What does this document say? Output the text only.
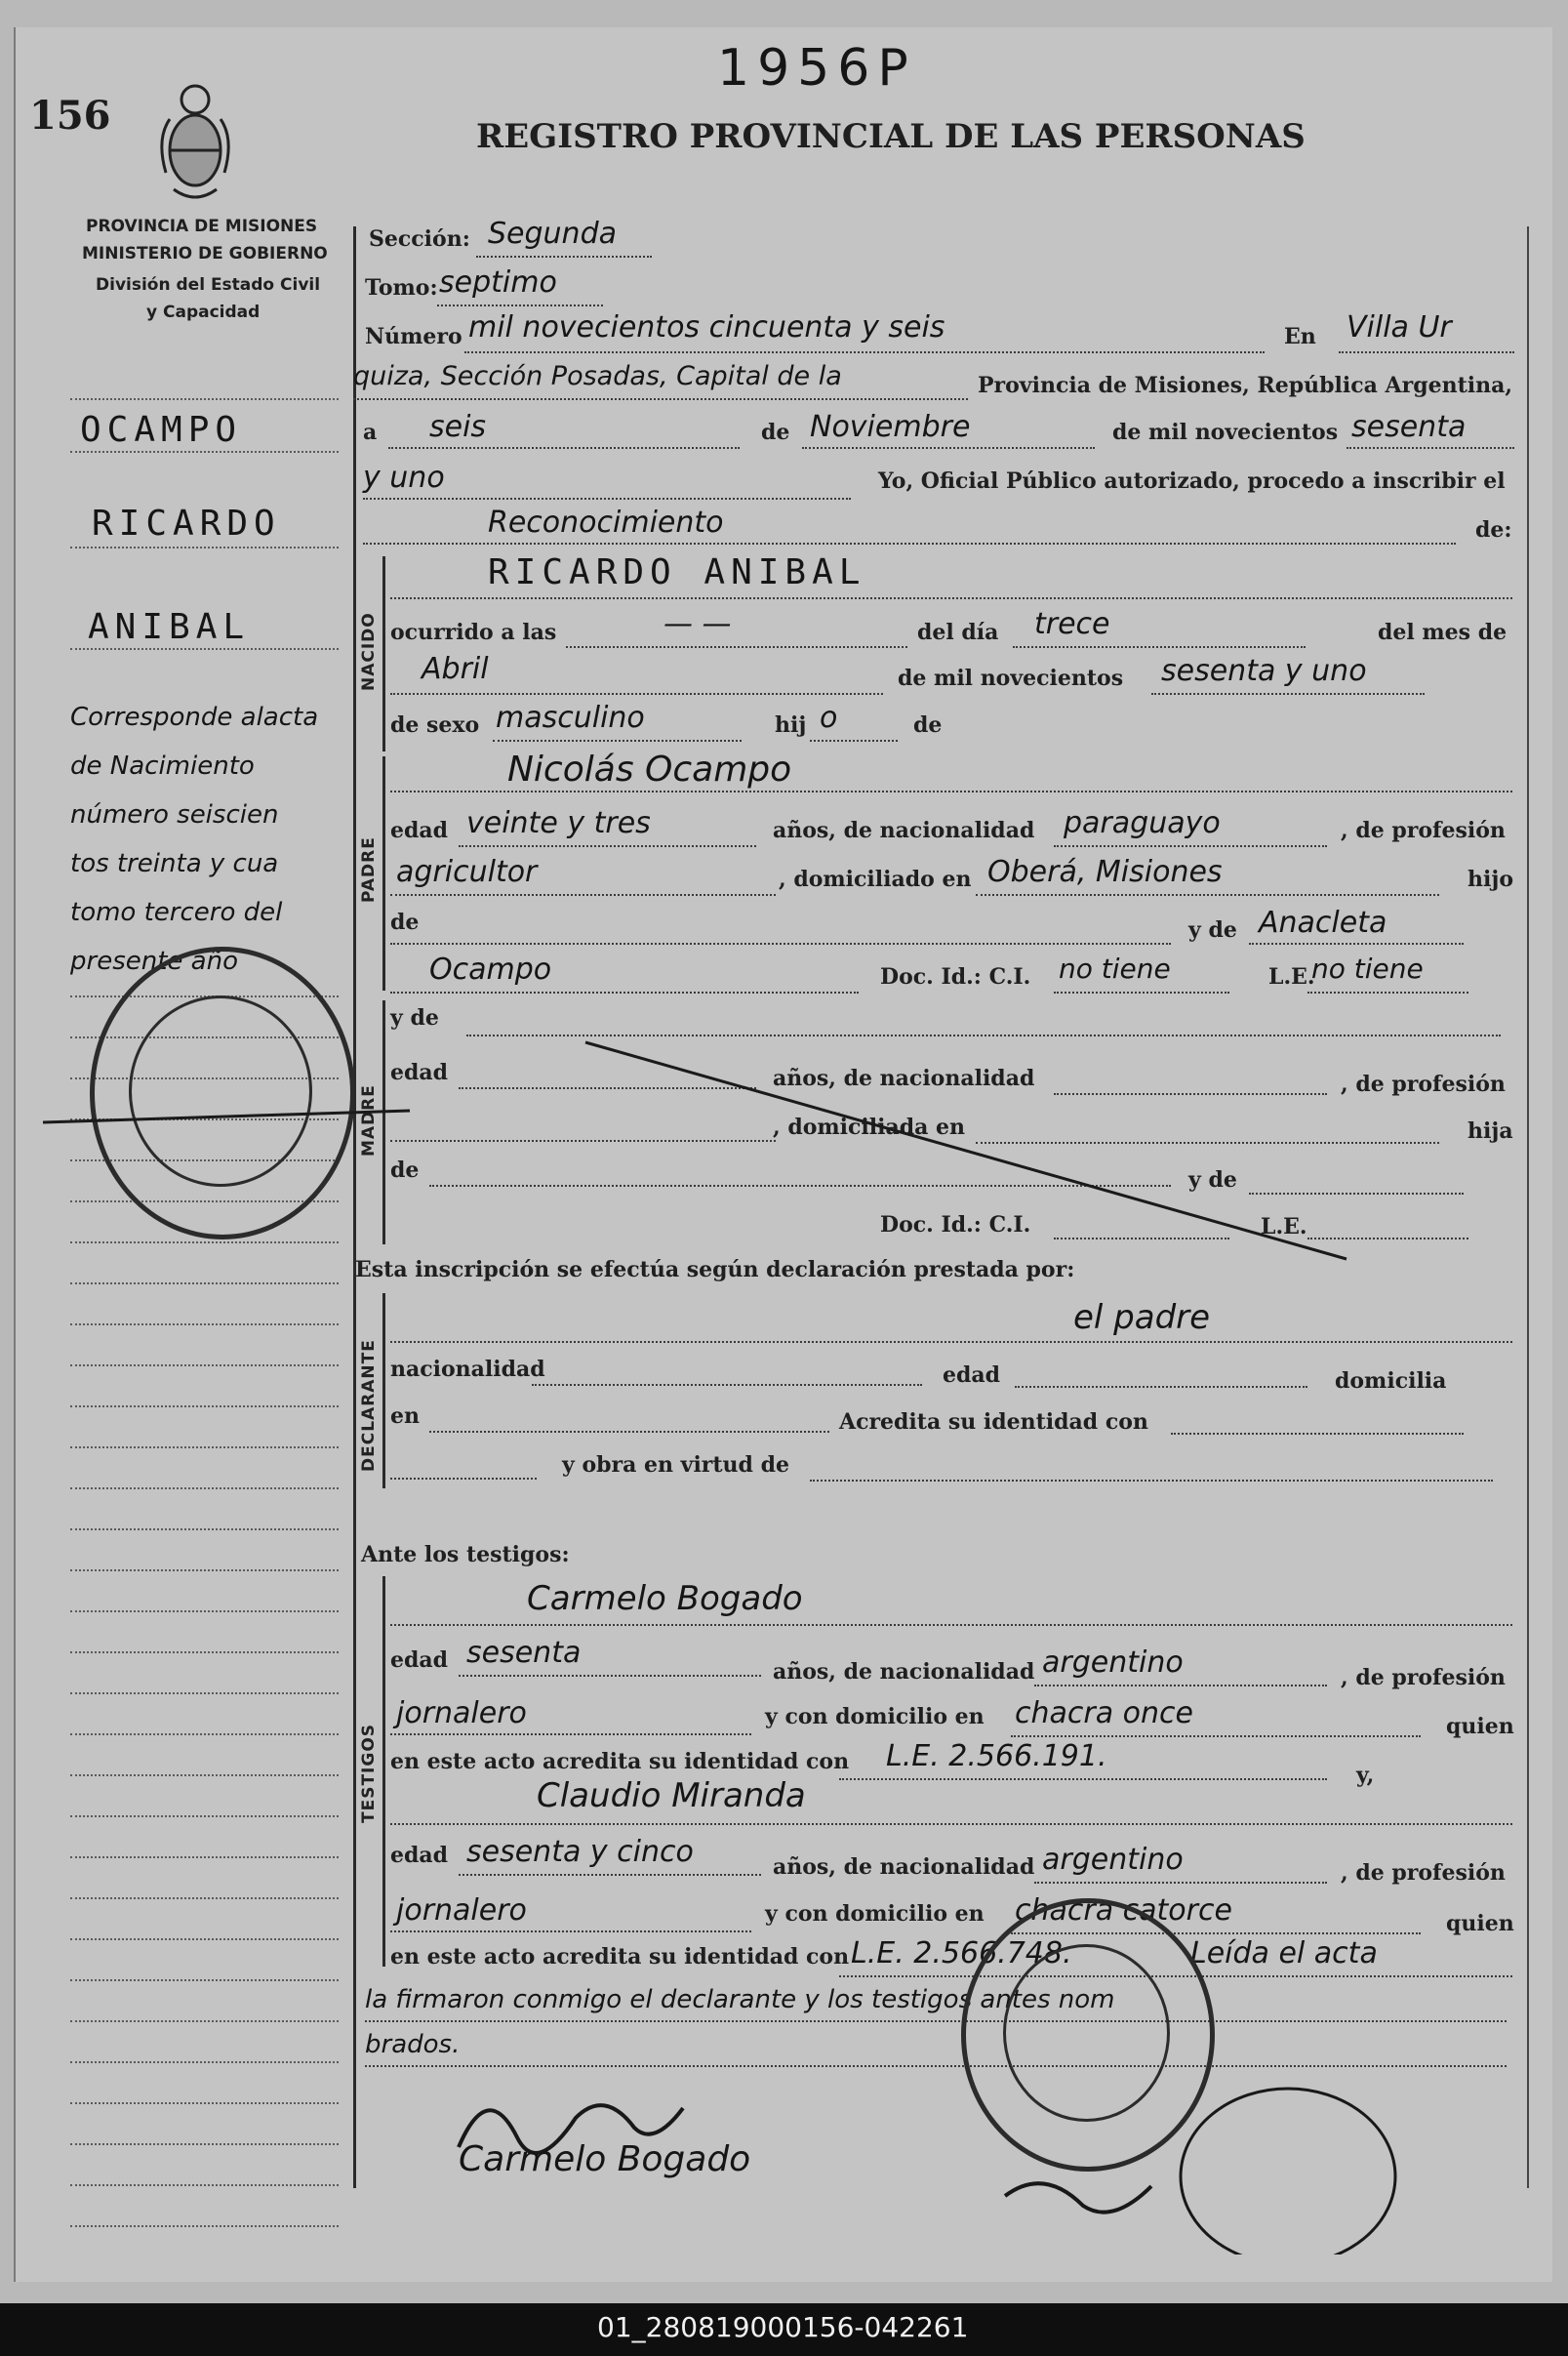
1956P
156	REGISTRO PROVINCIAL DE LAS PERSONAS
PROVINCIA DE MISIONES
MINISTERIO DE GOBIERNO
División del Estado Civil
y Capacidad
OCAMPO
RICARDO
ANIBAL
Corresponde alacta
de Nacimiento
número seiscien
tos treinta y cua
tomo tercero del
presente año
Sección: Segunda
Tomo: septimo
Número mil novecientos cincuenta y seis	En Villa Ur
quiza, Sección Posadas, Capital de la	Provincia de Misiones, República Argentina,
a seis	de Noviembre	de mil novecientos sesenta
y uno	Yo, Oficial Público autorizado, procedo a inscribir el
Reconocimiento	de:
NACIDO
RICARDO ANIBAL
ocurrido a las	— —	del día trece	del mes de
Abril	de mil novecientos sesenta y uno
de sexo masculino	hij o	de
PADRE
Nicolás Ocampo
edad veinte y tres	años, de nacionalidad paraguayo	, de profesión
agricultor	, domiciliado en Oberá, Misiones	hijo
de	y de Anacleta
Ocampo	Doc. Id.: C.I. no tiene	L.E.
no tiene
MADRE
y de
edad	años, de nacionalidad	, de profesión
, domiciliada en	hija
de	y de
Doc. Id.: C.I.	L.E.
Esta inscripción se efectúa según declaración prestada por:
DECLARANTE
el padre
nacionalidad	edad	domicilia
en	Acredita su identidad con
y obra en virtud de
Ante los testigos:
TESTIGOS
Carmelo Bogado
edad sesenta
años, de nacionalidad argentino	, de profesión
jornalero	y con domicilio en chacra once	quien
en este acto acredita su identidad con L.E. 2.566.191.
y,
Claudio Miranda
edad sesenta y cinco	años, de nacionalidad argentino	, de profesión
jornalero	y con domicilio en chacra catorce	quien
en este acto acredita su identidad con L.E. 2.566.748.	Leída el acta
la firmaron conmigo el declarante y los testigos antes nom
brados.
Carmelo Bogado
01_280819000156-042261
